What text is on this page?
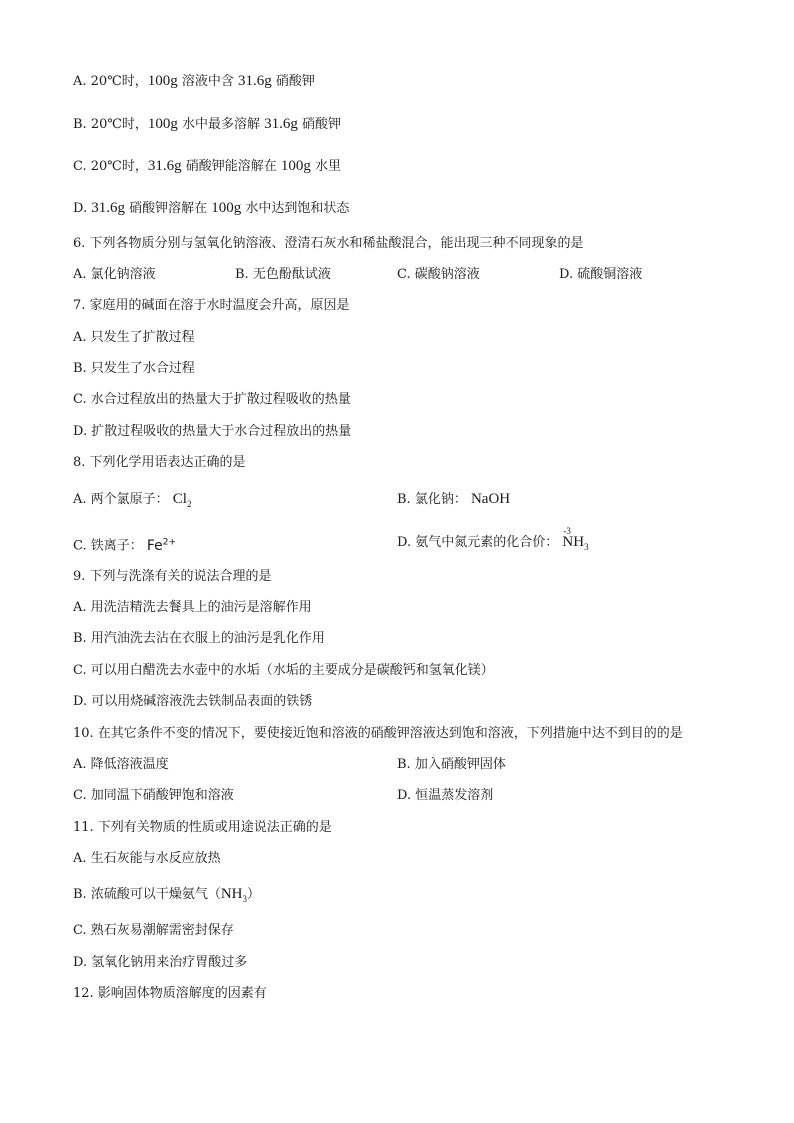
A. 20℃时，100g 溶液中含 31.6g 硝酸钾
B. 20℃时，100g 水中最多溶解 31.6g 硝酸钾
C. 20℃时，31.6g 硝酸钾能溶解在 100g 水里
D. 31.6g 硝酸钾溶解在 100g 水中达到饱和状态
6. 下列各物质分别与氢氧化钠溶液、澄清石灰水和稀盐酸混合，能出现三种不同现象的是
A. 氯化钠溶液	B. 无色酚酞试液	C. 碳酸钠溶液	D. 硫酸铜溶液
7. 家庭用的碱面在溶于水时温度会升高，原因是
A. 只发生了扩散过程
B. 只发生了水合过程
C. 水合过程放出的热量大于扩散过程吸收的热量
D. 扩散过程吸收的热量大于水合过程放出的热量
8. 下列化学用语表达正确的是
A. 两个氯原子： $Cl_2$	B. 氯化钠： NaOH
C. 铁离子： $Fe^{2+}$	D. 氨气中氮元素的化合价：
-3
$NH_3$
9. 下列与洗涤有关的说法合理的是
A. 用洗洁精洗去餐具上的油污是溶解作用
B. 用汽油洗去沾在衣服上的油污是乳化作用
C. 可以用白醋洗去水壶中的水垢（水垢的主要成分是碳酸钙和氢氧化镁）
D. 可以用烧碱溶液洗去铁制品表面的铁锈
10. 在其它条件不变的情况下，要使接近饱和溶液的硝酸钾溶液达到饱和溶液，下列措施中达不到目的的是
A. 降低溶液温度	B. 加入硝酸钾固体
C. 加同温下硝酸钾饱和溶液	D. 恒温蒸发溶剂
11. 下列有关物质的性质或用途说法正确的是
A. 生石灰能与水反应放热
B. 浓硫酸可以干燥氨气$(NH_3)$
C. 熟石灰易潮解需密封保存
D. 氢氧化钠用来治疗胃酸过多
12. 影响固体物质溶解度的因素有
